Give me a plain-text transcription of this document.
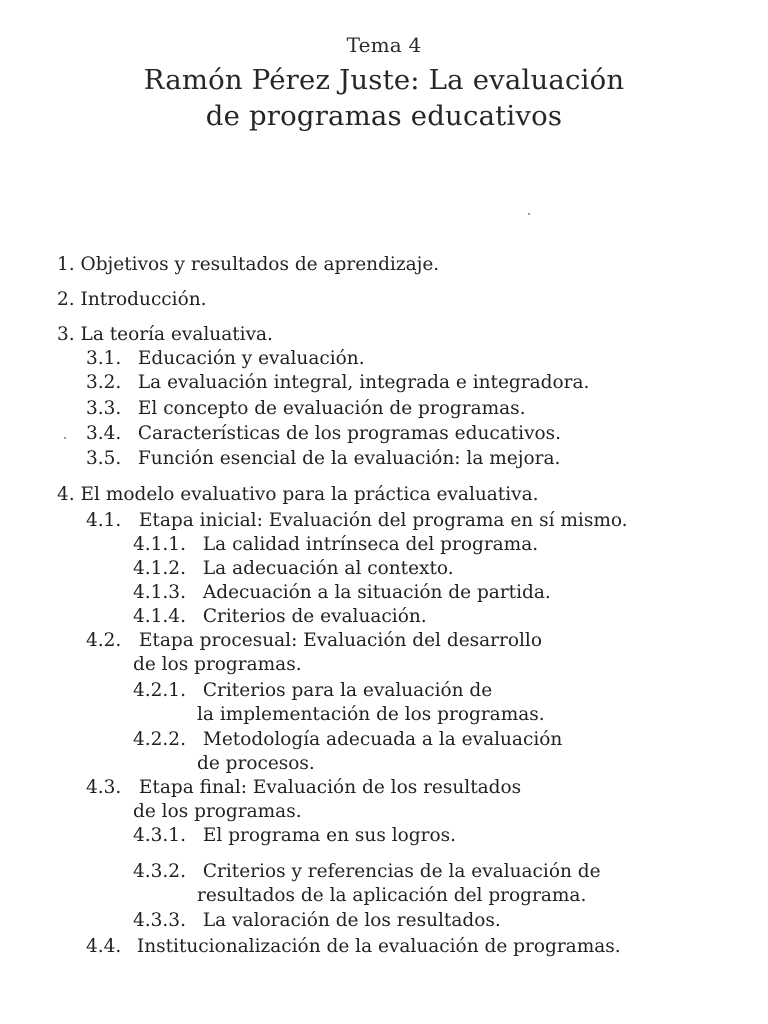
Tema 4
Ramón Pérez Juste: La evaluación
de programas educativos
1. Objetivos y resultados de aprendizaje.
2. Introducción.
3. La teoría evaluativa.
3.1. Educación y evaluación.
3.2. La evaluación integral, integrada e integradora.
3.3. El concepto de evaluación de programas.
3.4. Características de los programas educativos.
3.5. Función esencial de la evaluación: la mejora.
4. El modelo evaluativo para la práctica evaluativa.
4.1. Etapa inicial: Evaluación del programa en sí mismo.
4.1.1. La calidad intrínseca del programa.
4.1.2. La adecuación al contexto.
4.1.3. Adecuación a la situación de partida.
4.1.4. Criterios de evaluación.
4.2. Etapa procesual: Evaluación del desarrollo
de los programas.
4.2.1. Criterios para la evaluación de
la implementación de los programas.
4.2.2. Metodología adecuada a la evaluación
de procesos.
4.3. Etapa final: Evaluación de los resultados
de los programas.
4.3.1. El programa en sus logros.
4.3.2. Criterios y referencias de la evaluación de
resultados de la aplicación del programa.
4.3.3. La valoración de los resultados.
4.4. Institucionalización de la evaluación de programas.
